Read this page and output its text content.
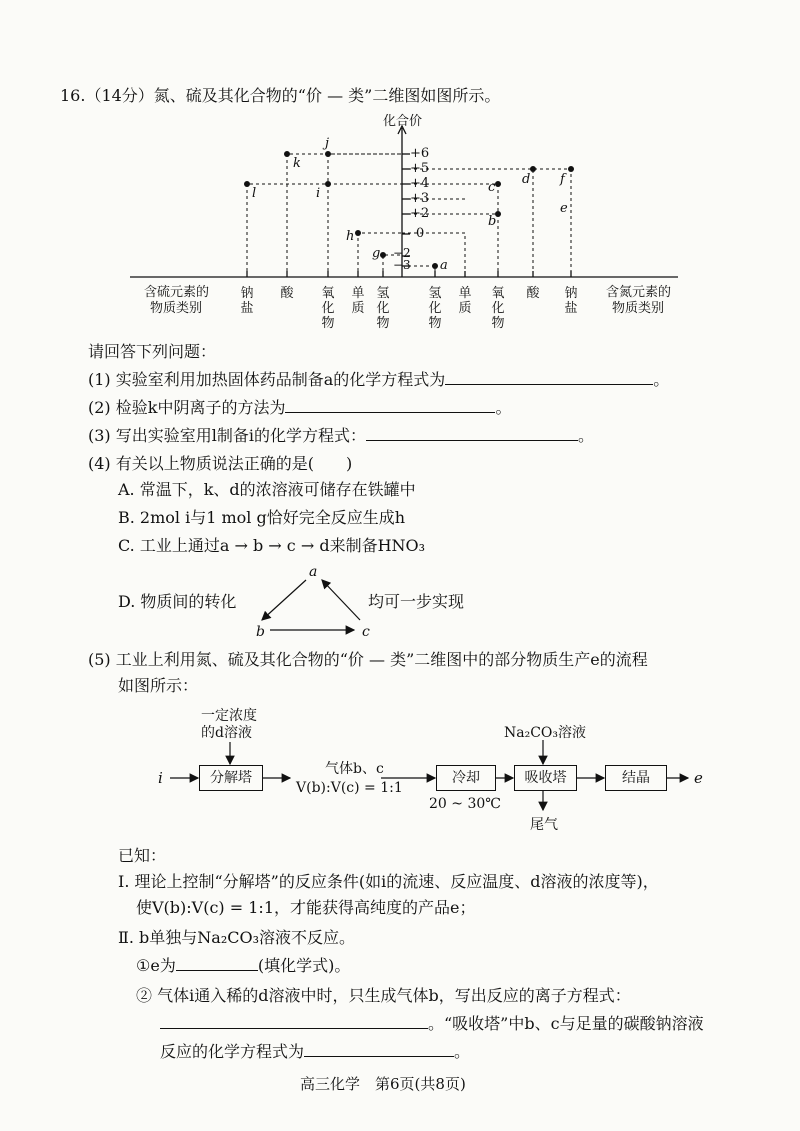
16.（14分）氮、硫及其化合物的“价 — 类”二维图如图所示。
化合价
+6
+5
+4
+3
+2
0
−2
−3
k
j
l	i
h
g
a
b
c
d f
e
含硫元素的
物质类别
含氮元素的
物质类别
钠盐
酸 氧化物
单质
氢化物
氢化物
单质
氧化物
酸 钠盐
请回答下列问题：
(1) 实验室利用加热固体药品制备a的化学方程式为	。
(2) 检验k中阴离子的方法为	。
(3) 写出实验室用l制备i的化学方程式：	。
(4) 有关以上物质说法正确的是(　　)
A. 常温下，k、d的浓溶液可储存在铁罐中
B. 2mol i与1 mol g恰好完全反应生成h
C. 工业上通过a → b → c → d来制备HNO₃
D. 物质间的转化	均可一步实现
a
b	c
(5) 工业上利用氮、硫及其化合物的“价 — 类”二维图中的部分物质生产e的流程
如图所示：
一定浓度
的d溶液
i	分解塔
气体b、c
V(b):V(c) = 1:1
冷却
20 ~ 30℃
吸收塔
Na₂CO₃溶液
尾气
结晶	e
已知：
I. 理论上控制“分解塔”的反应条件(如i的流速、反应温度、d溶液的浓度等)，
使V(b):V(c) = 1:1，才能获得高纯度的产品e；
Ⅱ. b单独与Na₂CO₃溶液不反应。
①e为	(填化学式)。
② 气体i通入稀的d溶液中时，只生成气体b，写出反应的离子方程式：
。“吸收塔”中b、c与足量的碳酸钠溶液
反应的化学方程式为	。
高三化学　第6页(共8页)
